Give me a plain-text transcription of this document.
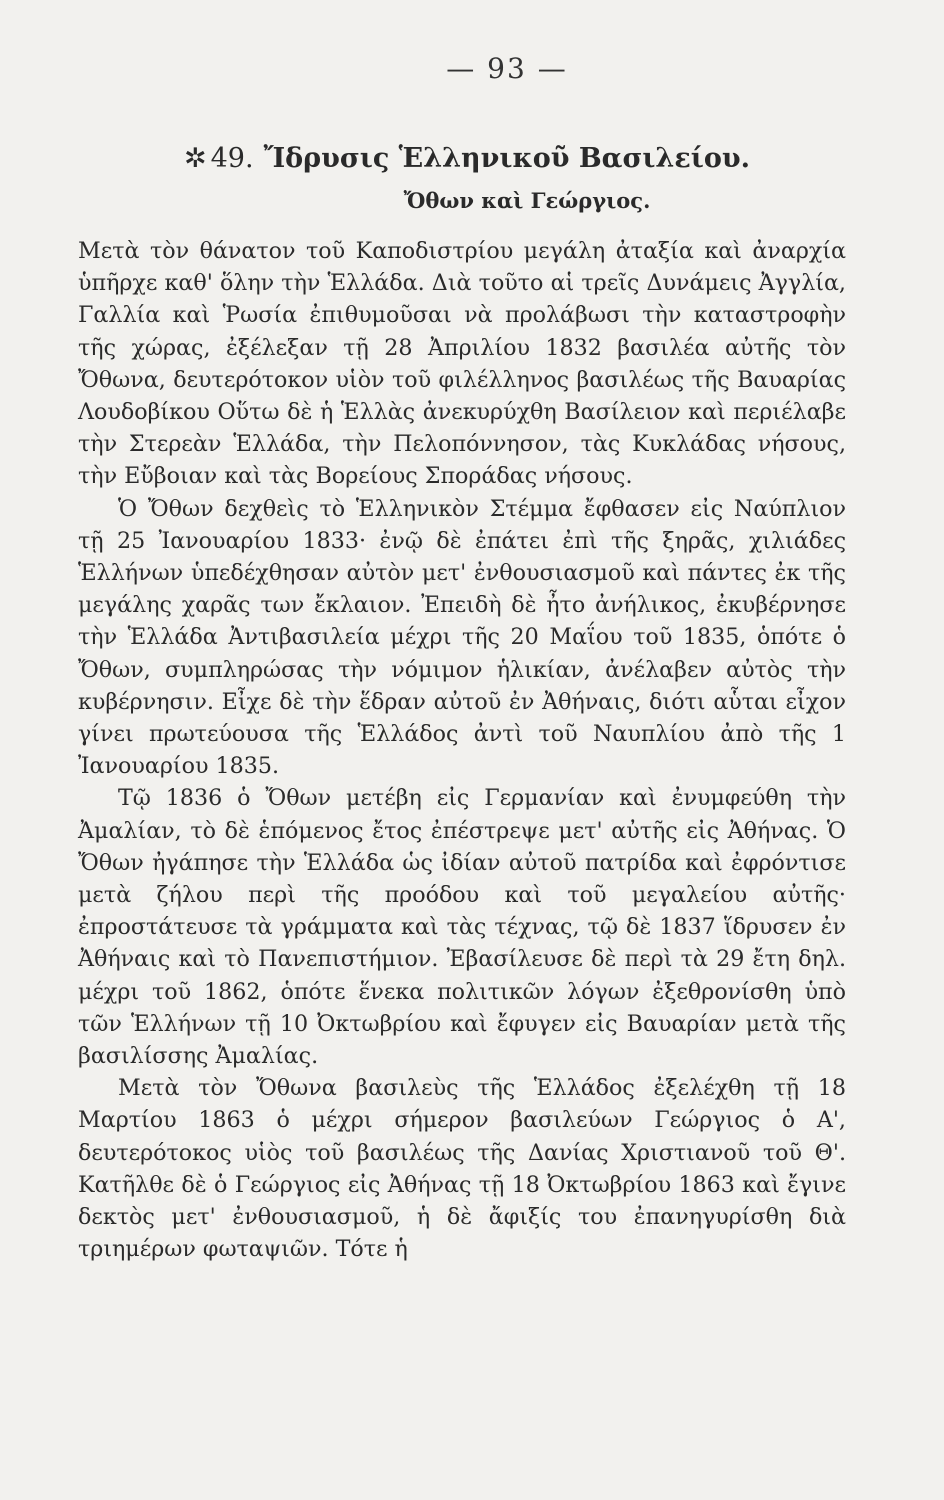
— 93 —
✲ 49. Ἴδρυσις Ἑλληνικοῦ Βασιλείου.
Ὄθων καὶ Γεώργιος.

Μετὰ τὸν θάνατον τοῦ Καποδιστρίου μεγάλη ἀταξία καὶ ἀναρχία ὑπῆρχε καθ' ὅλην τὴν Ἑλλάδα. Διὰ τοῦτο αἱ τρεῖς Δυνάμεις Ἀγγλία, Γαλλία καὶ Ῥωσία ἐπιθυμοῦσαι νὰ προλάβωσι τὴν καταστροφὴν τῆς χώρας, ἐξέλεξαν τῇ 28 Ἀπριλίου 1832 βασιλέα αὐτῆς τὸν Ὄθωνα, δευτερότοκον υἱὸν τοῦ φιλέλληνος βασιλέως τῆς Βαυαρίας Λουδοβίκου Οὕτω δὲ ἡ Ἑλλὰς ἀνεκυρύχθη Βασίλειον καὶ περιέλαβε τὴν Στερεὰν Ἑλλάδα, τὴν Πελοπόννησον, τὰς Κυκλάδας νήσους, τὴν Εὔβοιαν καὶ τὰς Βορείους Σποράδας νήσους.

Ὁ Ὄθων δεχθεὶς τὸ Ἑλληνικὸν Στέμμα ἔφθασεν εἰς Ναύπλιον τῇ 25 Ἰανουαρίου 1833· ἐνῷ δὲ ἐπάτει ἐπὶ τῆς ξηρᾶς, χιλιάδες Ἑλλήνων ὑπεδέχθησαν αὐτὸν μετ' ἐνθουσιασμοῦ καὶ πάντες ἐκ τῆς μεγάλης χαρᾶς των ἔκλαιον. Ἐπειδὴ δὲ ἦτο ἀνήλικος, ἐκυβέρνησε τὴν Ἑλλάδα Ἀντιβασιλεία μέχρι τῆς 20 Μαΐου τοῦ 1835, ὁπότε ὁ Ὄθων, συμπληρώσας τὴν νόμιμον ἡλικίαν, ἀνέλαβεν αὐτὸς τὴν κυβέρνησιν. Εἶχε δὲ τὴν ἕδραν αὐτοῦ ἐν Ἀθήναις, διότι αὗται εἶχον γίνει πρωτεύουσα τῆς Ἑλλάδος ἀντὶ τοῦ Ναυπλίου ἀπὸ τῆς 1 Ἰανουαρίου 1835.

Τῷ 1836 ὁ Ὄθων μετέβη εἰς Γερμανίαν καὶ ἐνυμφεύθη τὴν Ἀμαλίαν, τὸ δὲ ἑπόμενος ἔτος ἐπέστρεψε μετ' αὐτῆς εἰς Ἀθήνας. Ὁ Ὄθων ἠγάπησε τὴν Ἑλλάδα ὡς ἰδίαν αὐτοῦ πατρίδα καὶ ἐφρόντισε μετὰ ζήλου περὶ τῆς προόδου καὶ τοῦ μεγαλείου αὐτῆς· ἐπροστάτευσε τὰ γράμματα καὶ τὰς τέχνας, τῷ δὲ 1837 ἵδρυσεν ἐν Ἀθήναις καὶ τὸ Πανεπιστήμιον. Ἐβασίλευσε δὲ περὶ τὰ 29 ἔτη δηλ. μέχρι τοῦ 1862, ὁπότε ἕνεκα πολιτικῶν λόγων ἐξεθρονίσθη ὑπὸ τῶν Ἑλλήνων τῇ 10 Ὀκτωβρίου καὶ ἔφυγεν εἰς Βαυαρίαν μετὰ τῆς βασιλίσσης Ἀμαλίας.

Μετὰ τὸν Ὄθωνα βασιλεὺς τῆς Ἑλλάδος ἐξελέχθη τῇ 18 Μαρτίου 1863 ὁ μέχρι σήμερον βασιλεύων Γεώργιος ὁ Α', δευτερότοκος υἱὸς τοῦ βασιλέως τῆς Δανίας Χριστιανοῦ τοῦ Θ'. Κατῆλθε δὲ ὁ Γεώργιος εἰς Ἀθήνας τῇ 18 Ὀκτωβρίου 1863 καὶ ἔγινε δεκτὸς μετ' ἐνθουσιασμοῦ, ἡ δὲ ἄφιξίς του ἐπανηγυρίσθη διὰ τριημέρων φωταψιῶν. Τότε ἡ
